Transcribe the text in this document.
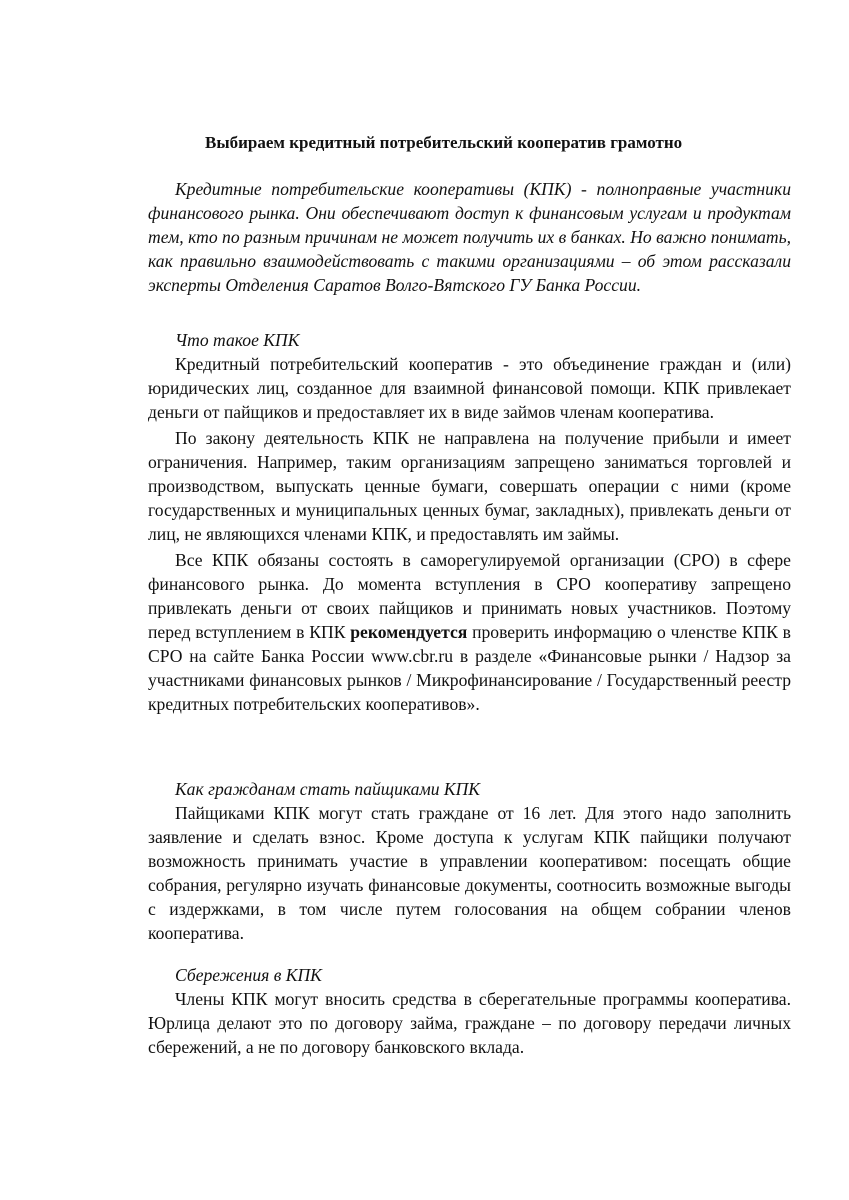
Выбираем кредитный потребительский кооператив грамотно

Кредитные потребительские кооперативы (КПК) - полноправные участники финансового рынка. Они обеспечивают доступ к финансовым услугам и продуктам тем, кто по разным причинам не может получить их в банках. Но важно понимать, как правильно взаимодействовать с такими организациями – об этом рассказали эксперты Отделения Саратов Волго-Вятского ГУ Банка России.

Что такое КПК

Кредитный потребительский кооператив - это объединение граждан и (или) юридических лиц, созданное для взаимной финансовой помощи. КПК привлекает деньги от пайщиков и предоставляет их в виде займов членам кооператива.

По закону деятельность КПК не направлена на получение прибыли и имеет ограничения. Например, таким организациям запрещено заниматься торговлей и производством, выпускать ценные бумаги, совершать операции с ними (кроме государственных и муниципальных ценных бумаг, закладных), привлекать деньги от лиц, не являющихся членами КПК, и предоставлять им займы.

Все КПК обязаны состоять в саморегулируемой организации (СРО) в сфере финансового рынка. До момента вступления в СРО кооперативу запрещено привлекать деньги от своих пайщиков и принимать новых участников. Поэтому перед вступлением в КПК рекомендуется проверить информацию о членстве КПК в СРО на сайте Банка России www.cbr.ru в разделе «Финансовые рынки / Надзор за участниками финансовых рынков / Микрофинансирование / Государственный реестр кредитных потребительских кооперативов».

Как гражданам стать пайщиками КПК

Пайщиками КПК могут стать граждане от 16 лет. Для этого надо заполнить заявление и сделать взнос. Кроме доступа к услугам КПК пайщики получают возможность принимать участие в управлении кооперативом: посещать общие собрания, регулярно изучать финансовые документы, соотносить возможные выгоды с издержками, в том числе путем голосования на общем собрании членов кооператива.

Сбережения в КПК

Члены КПК могут вносить средства в сберегательные программы кооператива. Юрлица делают это по договору займа, граждане – по договору передачи личных сбережений, а не по договору банковского вклада.
